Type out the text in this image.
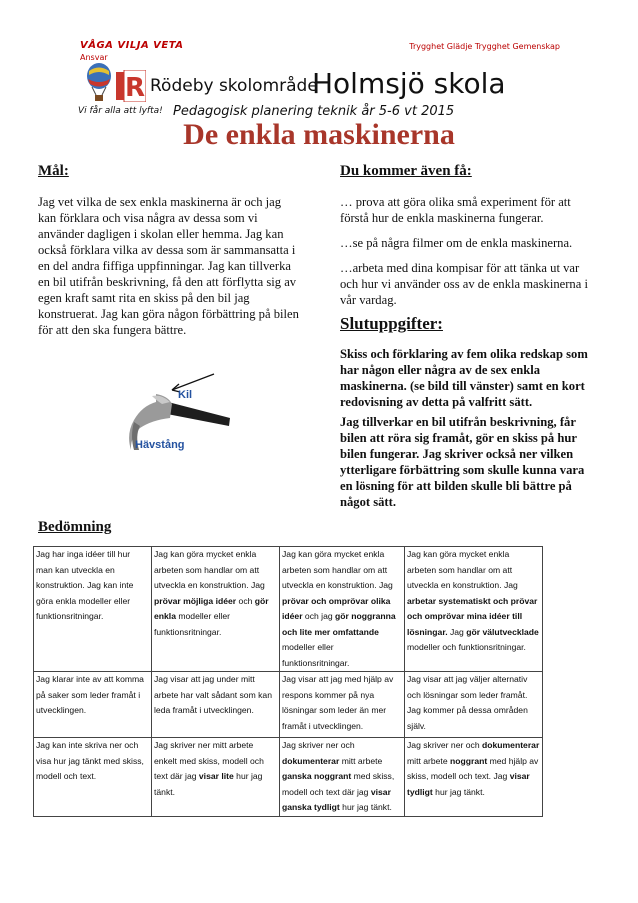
VÅGA VILJA VETA
Ansvar
Trygghet Glädje Trygghet Gemenskap
R Rödeby skolområde
Holmsjö skola
Vi får alla att lyfta! Pedagogisk planering teknik år 5-6 vt 2015
De enkla maskinerna
Mål:
Jag vet vilka de sex enkla maskinerna är och jag kan förklara och visa några av dessa som vi använder dagligen i skolan eller hemma. Jag kan också förklara vilka av dessa som är sammansatta i en del andra fiffiga uppfinningar. Jag kan tillverka en bil utifrån beskrivning, få den att förflytta sig av egen kraft samt rita en skiss på den bil jag konstruerat. Jag kan göra någon förbättring på bilen för att den ska fungera bättre.
Kil
Hävstång
Du kommer även få:
… prova att göra olika små experiment för att förstå hur de enkla maskinerna fungerar.
…se på några filmer om de enkla maskinerna.
…arbeta med dina kompisar för att tänka ut var och hur vi använder oss av de enkla maskinerna i vår vardag.
Slutuppgifter:
Skiss och förklaring av fem olika redskap som har någon eller några av de sex enkla maskinerna. (se bild till vänster) samt en kort redovisning av detta på valfritt sätt.
Jag tillverkar en bil utifrån beskrivning, får bilen att röra sig framåt, gör en skiss på hur bilen fungerar. Jag skriver också ner vilken ytterligare förbättring som skulle kunna vara en lösning för att bilden skulle bli bättre på något sätt.
Bedömning
Jag har inga idéer till hur man kan utveckla en konstruktion. Jag kan inte göra enkla modeller eller funktionsritningar.	Jag kan göra mycket enkla arbeten som handlar om att utveckla en konstruktion. Jag prövar möjliga idéer och gör enkla modeller eller funktionsritningar.	Jag kan göra mycket enkla arbeten som handlar om att utveckla en konstruktion. Jag prövar och omprövar olika idéer och jag gör noggranna och lite mer omfattande modeller eller funktionsritningar.	Jag kan göra mycket enkla arbeten som handlar om att utveckla en konstruktion. Jag arbetar systematiskt och prövar och omprövar mina idéer till lösningar. Jag gör välutvecklade modeller och funktionsritningar.
Jag klarar inte av att komma på saker som leder framåt i utvecklingen.	Jag visar att jag under mitt arbete har valt sådant som kan leda framåt i utvecklingen.	Jag visar att jag med hjälp av respons kommer på nya lösningar som leder än mer framåt i utvecklingen.	Jag visar att jag väljer alternativ och lösningar som leder framåt. Jag kommer på dessa områden själv.
Jag kan inte skriva ner och visa hur jag tänkt med skiss, modell och text.	Jag skriver ner mitt arbete enkelt med skiss, modell och text där jag visar lite hur jag tänkt.	Jag skriver ner och dokumenterar mitt arbete ganska noggrant med skiss, modell och text där jag visar ganska tydligt hur jag tänkt.	Jag skriver ner och dokumenterar mitt arbete noggrant med hjälp av skiss, modell och text. Jag visar tydligt hur jag tänkt.
